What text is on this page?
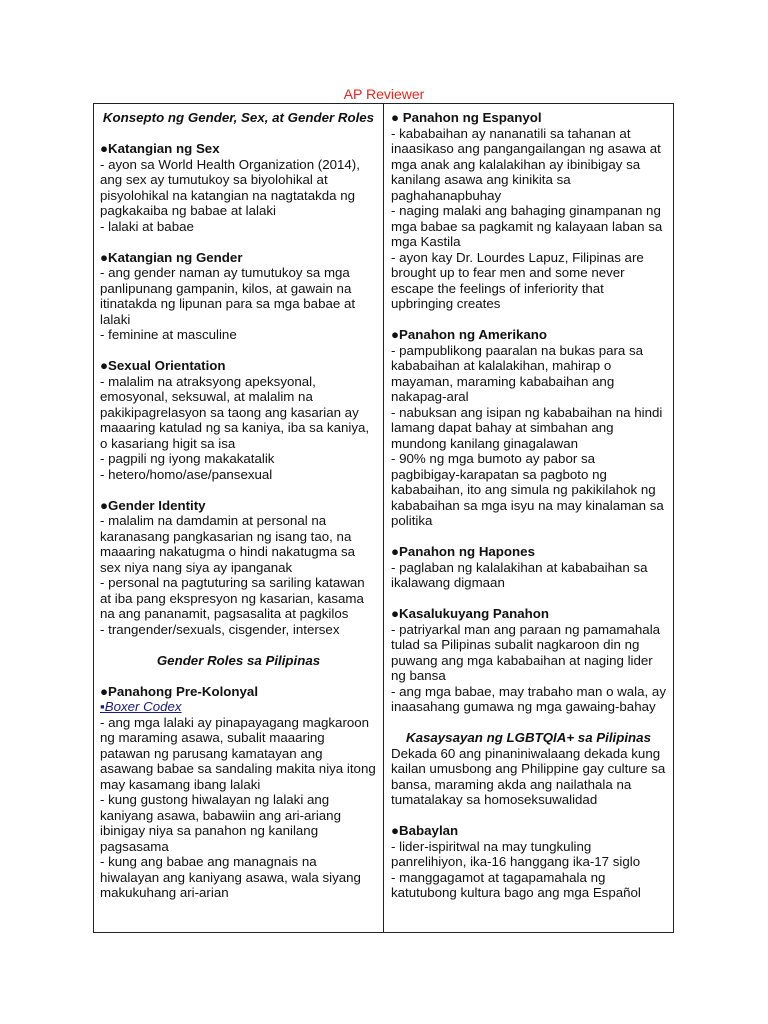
AP Reviewer
Konsepto ng Gender, Sex, at Gender Roles
●Katangian ng Sex
- ayon sa World Health Organization (2014), ang sex ay tumutukoy sa biyolohikal at pisyolohikal na katangian na nagtatakda ng pagkakaiba ng babae at lalaki
- lalaki at babae
●Katangian ng Gender
- ang gender naman ay tumutukoy sa mga panlipunang gampanin, kilos, at gawain na itinatakda ng lipunan para sa mga babae at lalaki
- feminine at masculine
●Sexual Orientation
- malalim na atraksyong apeksyonal, emosyonal, seksuwal, at malalim na pakikipagrelasyon sa taong ang kasarian ay maaaring katulad ng sa kaniya, iba sa kaniya, o kasariang higit sa isa
- pagpili ng iyong makakatalik
- hetero/homo/ase/pansexual
●Gender Identity
- malalim na damdamin at personal na karanasang pangkasarian ng isang tao, na maaaring nakatugma o hindi nakatugma sa sex niya nang siya ay ipanganak
- personal na pagtuturing sa sariling katawan at iba pang ekspresyon ng kasarian, kasama na ang pananamit, pagsasalita at pagkilos
- trangender/sexuals, cisgender, intersex
Gender Roles sa Pilipinas
●Panahong Pre-Kolonyal
▪Boxer Codex
- ang mga lalaki ay pinapayagang magkaroon ng maraming asawa, subalit maaaring patawan ng parusang kamatayan ang asawang babae sa sandaling makita niya itong may kasamang ibang lalaki
- kung gustong hiwalayan ng lalaki ang kaniyang asawa, babawiin ang ari-ariang ibinigay niya sa panahon ng kanilang pagsasama
- kung ang babae ang managnais na hiwalayan ang kaniyang asawa, wala siyang makukuhang ari-arian
● Panahon ng Espanyol
- kababaihan ay nananatili sa tahanan at inaasikaso ang pangangailangan ng asawa at mga anak ang kalalakihan ay ibinibigay sa kanilang asawa ang kinikita sa paghahanapbuhay
- naging malaki ang bahaging ginampanan ng mga babae sa pagkamit ng kalayaan laban sa mga Kastila
- ayon kay Dr. Lourdes Lapuz, Filipinas are brought up to fear men and some never escape the feelings of inferiority that upbringing creates
●Panahon ng Amerikano
- pampublikong paaralan na bukas para sa kababaihan at kalalakihan, mahirap o mayaman, maraming kababaihan ang nakapag-aral
- nabuksan ang isipan ng kababaihan na hindi lamang dapat bahay at simbahan ang mundong kanilang ginagalawan
- 90% ng mga bumoto ay pabor sa pagbibigay-karapatan sa pagboto ng kababaihan, ito ang simula ng pakikilahok ng kababaihan sa mga isyu na may kinalaman sa politika
●Panahon ng Hapones
- paglaban ng kalalakihan at kababaihan sa ikalawang digmaan
●Kasalukuyang Panahon
- patriyarkal man ang paraan ng pamamahala tulad sa Pilipinas subalit nagkaroon din ng puwang ang mga kababaihan at naging lider ng bansa
- ang mga babae, may trabaho man o wala, ay inaasahang gumawa ng mga gawaing-bahay
Kasaysayan ng LGBTQIA+ sa Pilipinas
Dekada 60 ang pinaniniwalaang dekada kung kailan umusbong ang Philippine gay culture sa bansa, maraming akda ang nailathala na tumatalakay sa homoseksuwalidad
●Babaylan
- lider-ispiritwal na may tungkuling panrelihiyon, ika-16 hanggang ika-17 siglo
- manggagamot at tagapamahala ng katutubong kultura bago ang mga Español
